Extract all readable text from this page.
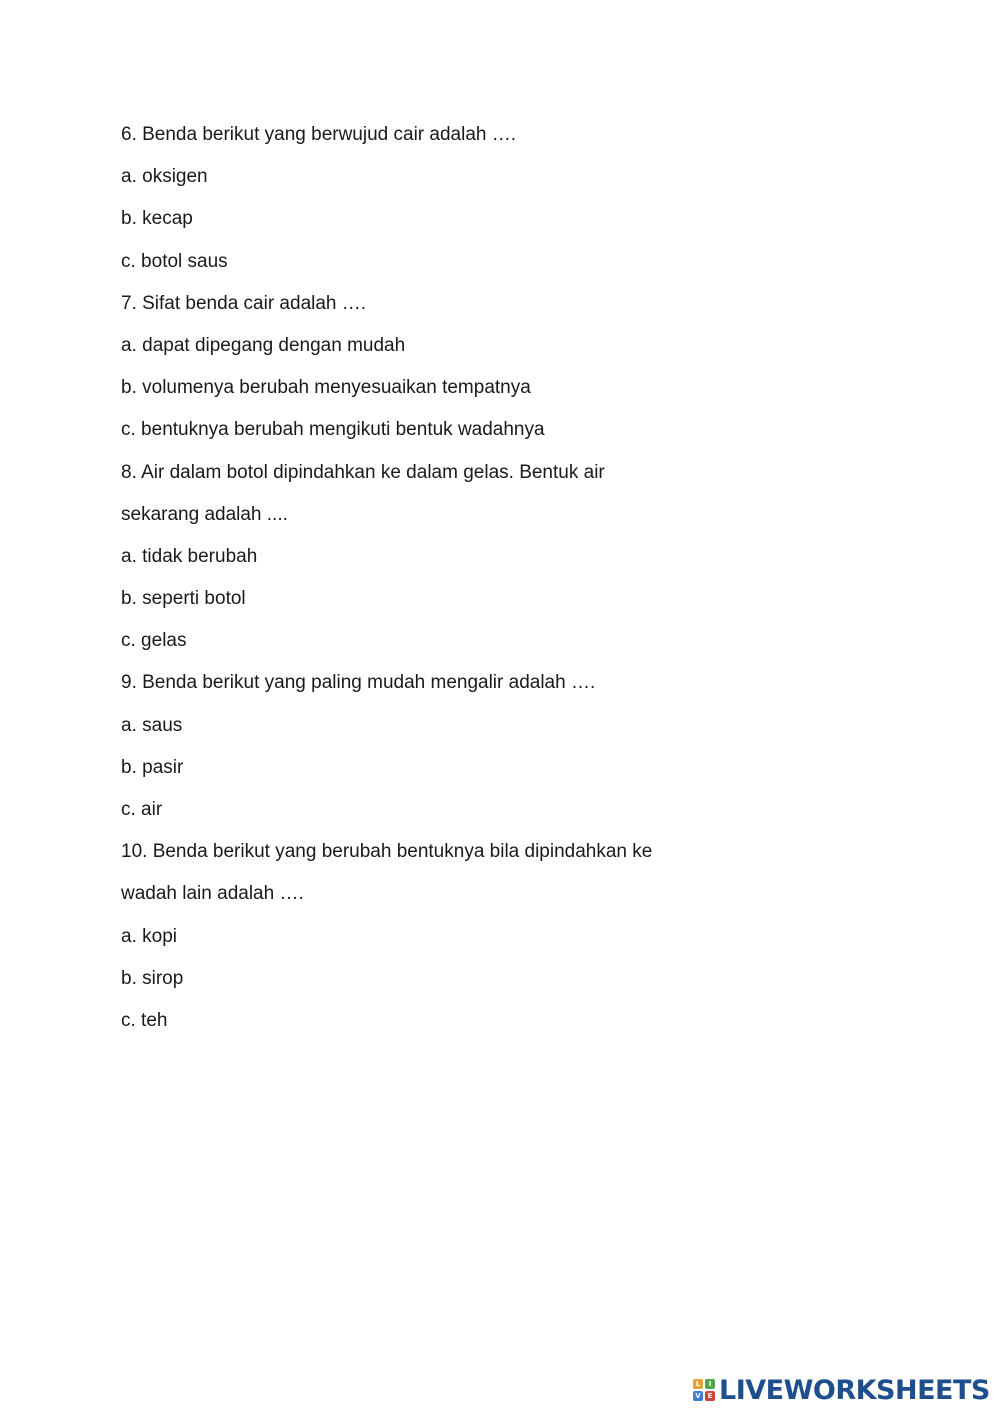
6. Benda berikut yang berwujud cair adalah ….
a. oksigen
b. kecap
c. botol saus
7. Sifat benda cair adalah ….
a. dapat dipegang dengan mudah
b. volumenya berubah menyesuaikan tempatnya
c. bentuknya berubah mengikuti bentuk wadahnya
8. Air dalam botol dipindahkan ke dalam gelas. Bentuk air
sekarang adalah ....
a. tidak berubah
b. seperti botol
c. gelas
9. Benda berikut yang paling mudah mengalir adalah ….
a. saus
b. pasir
c. air
10. Benda berikut yang berubah bentuknya bila dipindahkan ke
wadah lain adalah ….
a. kopi
b. sirop
c. teh
L	I
V E LIVEWORKSHEETS
